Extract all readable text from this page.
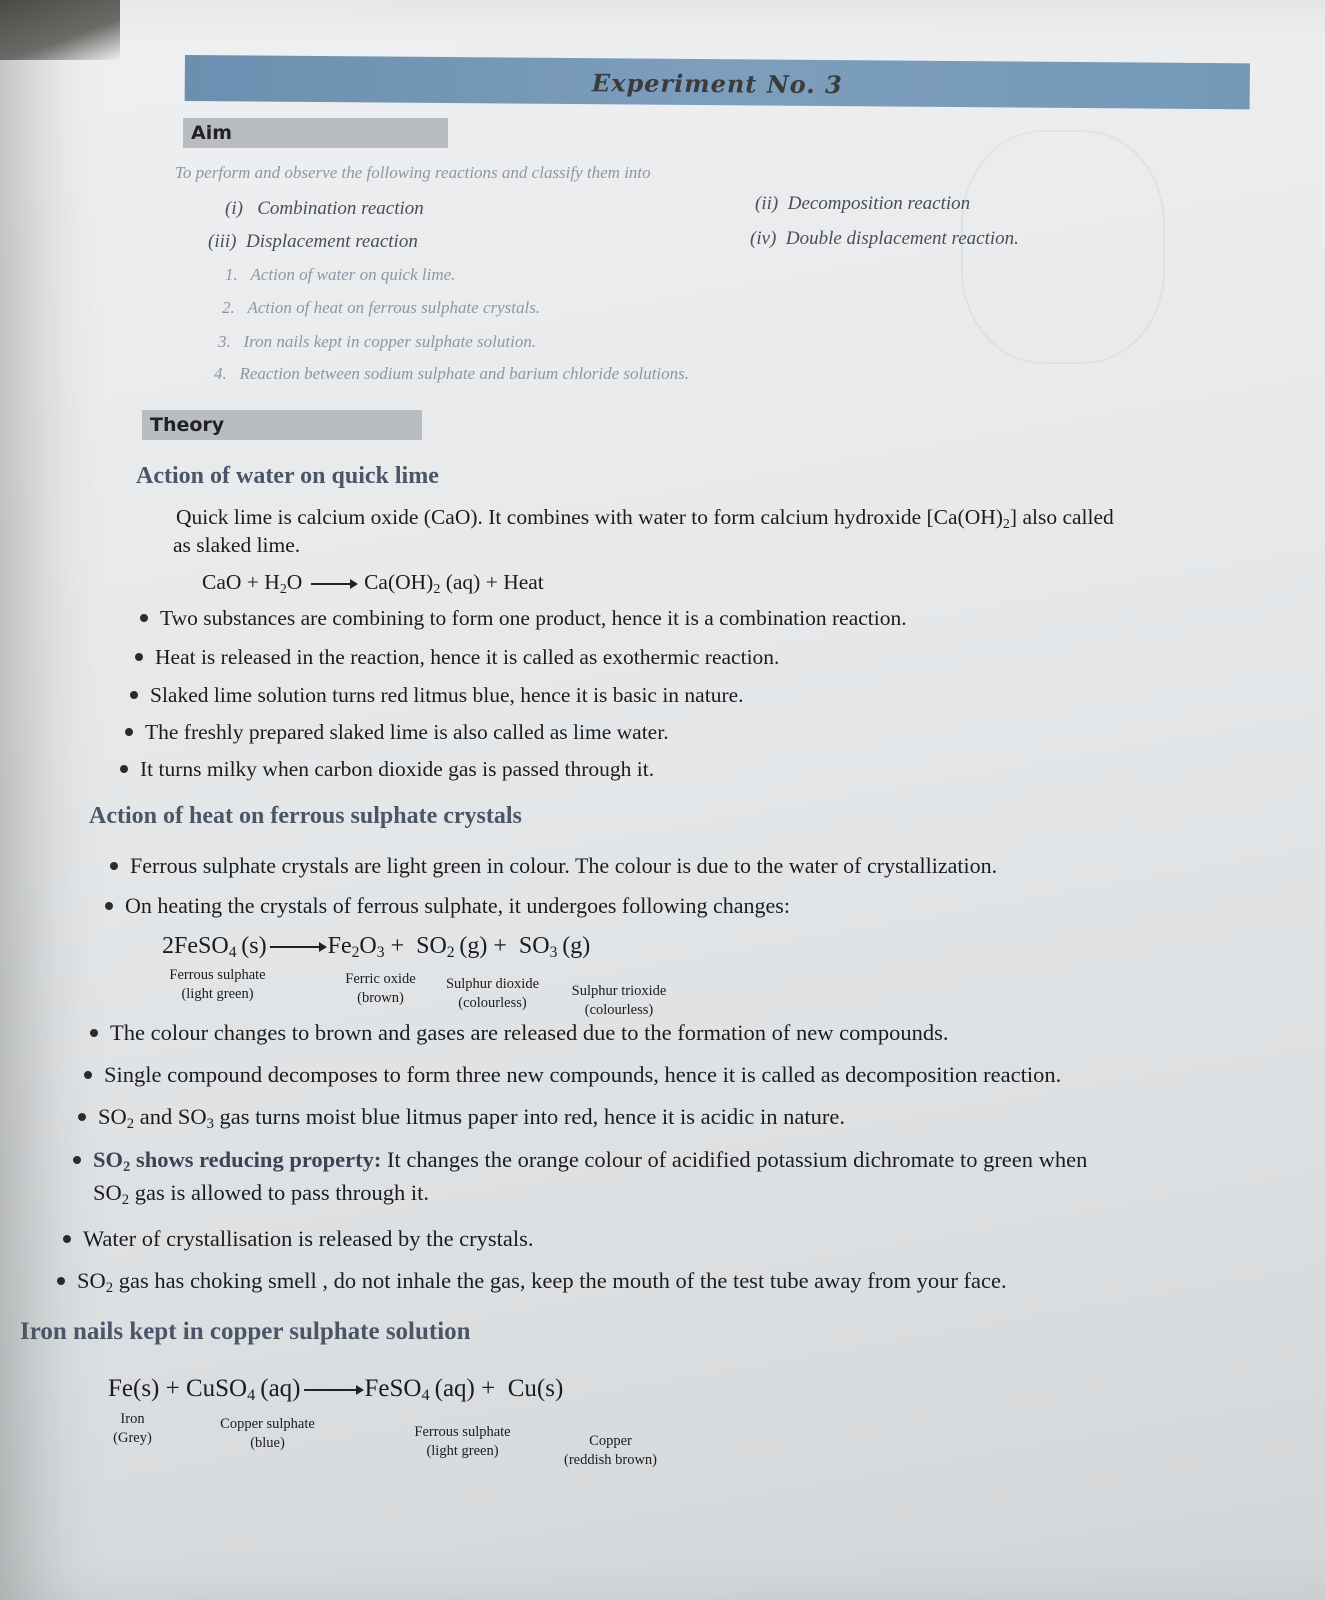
Experiment No. 3
Aim
To perform and observe the following reactions and classify them into
(i) Combination reaction	(ii) Decomposition reaction
(iii) Displacement reaction	(iv) Double displacement reaction.
1. Action of water on quick lime.
2. Action of heat on ferrous sulphate crystals.
3. Iron nails kept in copper sulphate solution.
4. Reaction between sodium sulphate and barium chloride solutions.
Theory
Action of water on quick lime
Quick lime is calcium oxide (CaO). It combines with water to form calcium hydroxide $[Ca(OH)_2]$ also called
as slaked lime.
CaO + $H_2O \to Ca(OH)_2$ (aq) + Heat
Two substances are combining to form one product, hence it is a combination reaction.
Heat is released in the reaction, hence it is called as exothermic reaction.
Slaked lime solution turns red litmus blue, hence it is basic in nature.
The freshly prepared slaked lime is also called as lime water.
It turns milky when carbon dioxide gas is passed through it.
Action of heat on ferrous sulphate crystals
Ferrous sulphate crystals are light green in colour. The colour is due to the water of crystallization.
On heating the crystals of ferrous sulphate, it undergoes following changes:
2FeSO$_4$ (s)	$Fe_2O_3 + SO_2$ $(g) + SO_3$ (g)
Ferrous sulphate
(light green)
Ferric oxide
(brown)
Sulphur dioxide
(colourless)
Sulphur trioxide
(colourless)
The colour changes to brown and gases are released due to the formation of new compounds.
Single compound decomposes to form three new compounds, hence it is called as decomposition reaction.
$SO_2$ and $SO_3$ gas turns moist blue litmus paper into red, hence it is acidic in nature.
$SO_2$ shows reducing property: It changes the orange colour of acidified potassium dichromate to green when
$SO_2$ gas is allowed to pass through it.
Water of crystallisation is released by the crystals.
$SO_2$ gas has choking smell , do not inhale the gas, keep the mouth of the test tube away from your face.
Iron nails kept in copper sulphate solution
Fe(s) + CuSO$_4$ (aq)	FeSO$_4$ (aq) +  Cu(s)
Iron
(Grey)
Copper sulphate
(blue)
Ferrous sulphate
(light green)
Copper
(reddish brown)
